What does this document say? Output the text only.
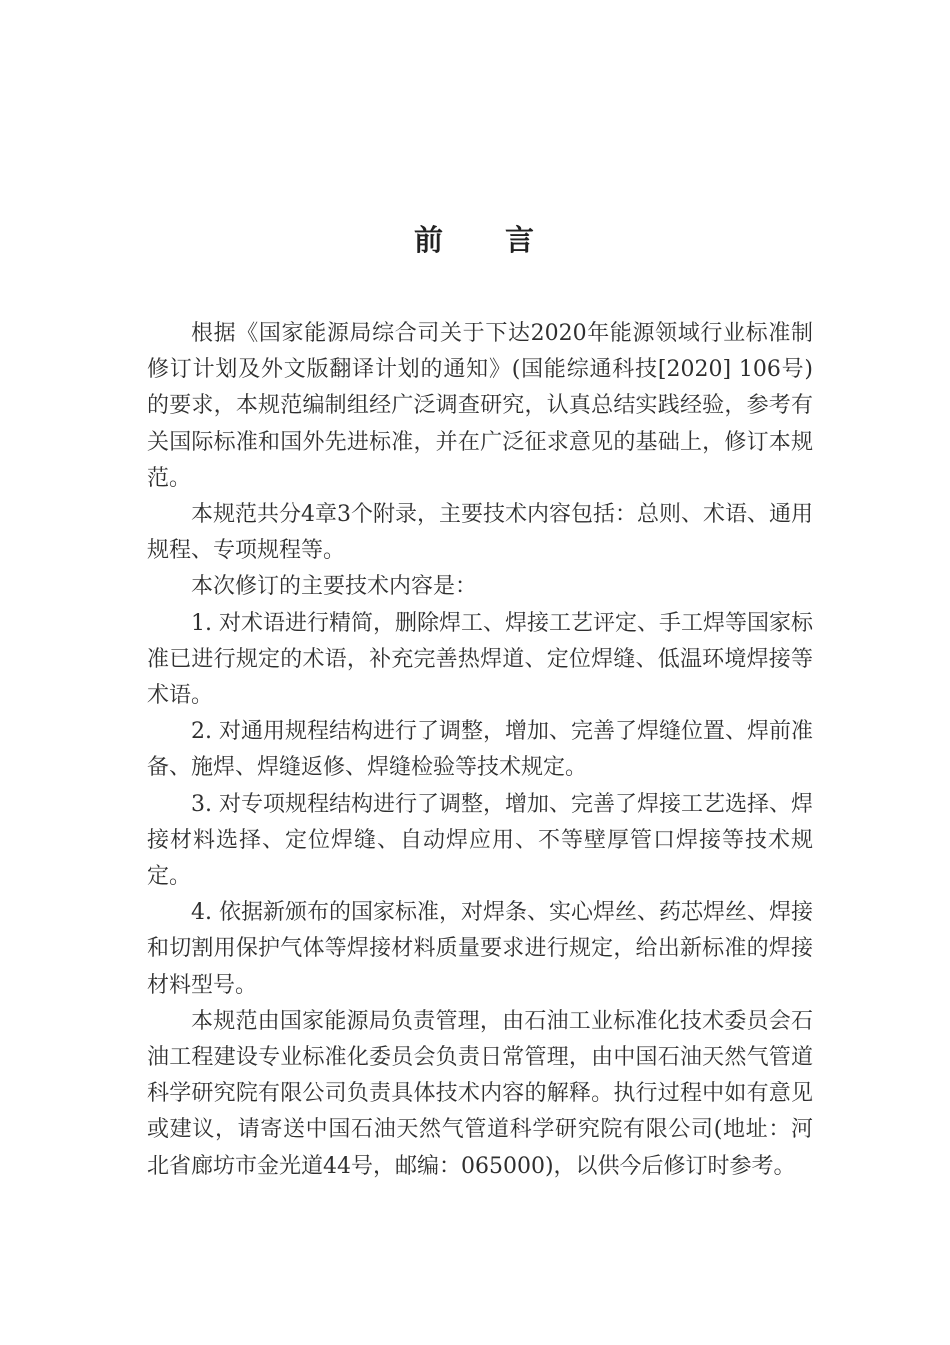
前 言

根据《国家能源局综合司关于下达2020年能源领域行业标准制修订计划及外文版翻译计划的通知》(国能综通科技[2020] 106号)的要求，本规范编制组经广泛调查研究，认真总结实践经验，参考有关国际标准和国外先进标准，并在广泛征求意见的基础上，修订本规范。

本规范共分4章3个附录，主要技术内容包括：总则、术语、通用规程、专项规程等。

本次修订的主要技术内容是：

1. 对术语进行精简，删除焊工、焊接工艺评定、手工焊等国家标准已进行规定的术语，补充完善热焊道、定位焊缝、低温环境焊接等术语。

2. 对通用规程结构进行了调整，增加、完善了焊缝位置、焊前准备、施焊、焊缝返修、焊缝检验等技术规定。

3. 对专项规程结构进行了调整，增加、完善了焊接工艺选择、焊接材料选择、定位焊缝、自动焊应用、不等壁厚管口焊接等技术规定。

4. 依据新颁布的国家标准，对焊条、实心焊丝、药芯焊丝、焊接和切割用保护气体等焊接材料质量要求进行规定，给出新标准的焊接材料型号。

本规范由国家能源局负责管理，由石油工业标准化技术委员会石油工程建设专业标准化委员会负责日常管理，由中国石油天然气管道科学研究院有限公司负责具体技术内容的解释。执行过程中如有意见或建议，请寄送中国石油天然气管道科学研究院有限公司(地址：河北省廊坊市金光道44号，邮编：065000)，以供今后修订时参考。
